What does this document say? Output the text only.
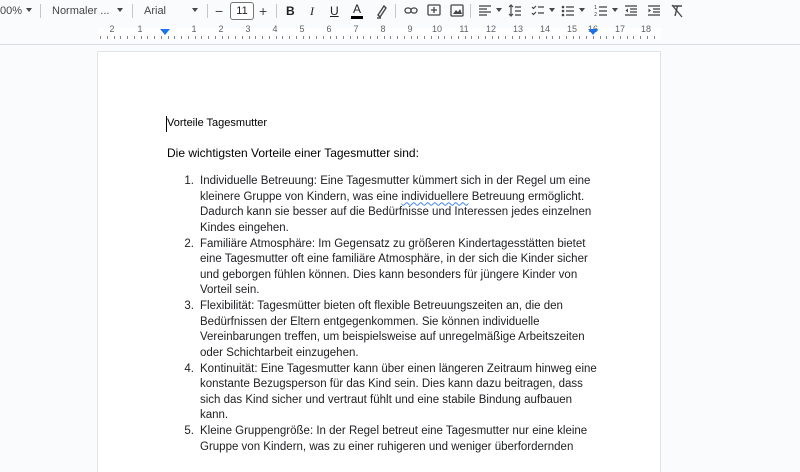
00%	Normaler ...	Arial	−	11 + B I U A	1
2
2	1	1	2	3	4	5	6	7	8	9	10 11 12 13 14 15	17 18
Vorteile Tagesmutter
Die wichtigsten Vorteile einer Tagesmutter sind:
1. Individuelle Betreuung: Eine Tagesmutter kümmert sich in der Regel um eine
kleinere Gruppe von Kindern, was eine individuellere Betreuung ermöglicht.
Dadurch kann sie besser auf die Bedürfnisse und Interessen jedes einzelnen
Kindes eingehen.
2. Familiäre Atmosphäre: Im Gegensatz zu größeren Kindertagesstätten bietet
eine Tagesmutter oft eine familiäre Atmosphäre, in der sich die Kinder sicher
und geborgen fühlen können. Dies kann besonders für jüngere Kinder von
Vorteil sein.
3. Flexibilität: Tagesmütter bieten oft flexible Betreuungszeiten an, die den
Bedürfnissen der Eltern entgegenkommen. Sie können individuelle
Vereinbarungen treffen, um beispielsweise auf unregelmäßige Arbeitszeiten
oder Schichtarbeit einzugehen.
4. Kontinuität: Eine Tagesmutter kann über einen längeren Zeitraum hinweg eine
konstante Bezugsperson für das Kind sein. Dies kann dazu beitragen, dass
sich das Kind sicher und vertraut fühlt und eine stabile Bindung aufbauen
kann.
5. Kleine Gruppengröße: In der Regel betreut eine Tagesmutter nur eine kleine
Gruppe von Kindern, was zu einer ruhigeren und weniger überfordernden
